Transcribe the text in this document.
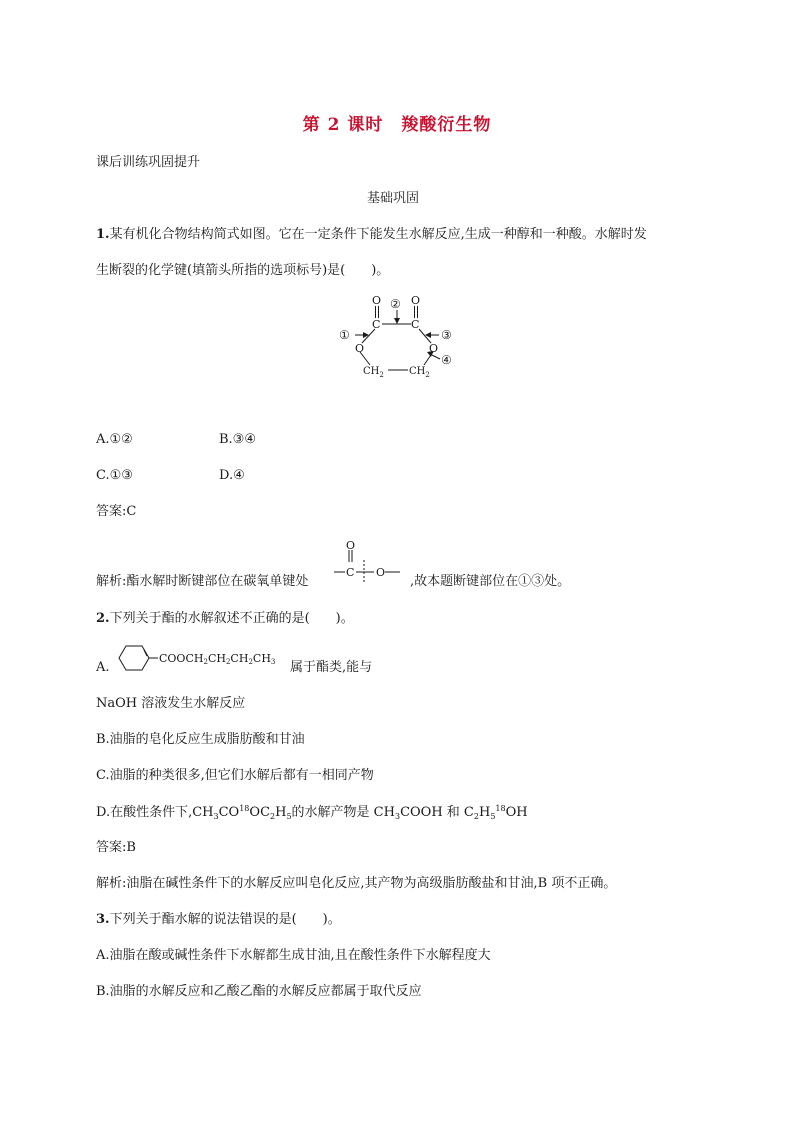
第 2 课时　羧酸衍生物
课后训练巩固提升
基础巩固
1.某有机化合物结构简式如图。它在一定条件下能发生水解反应,生成一种醇和一种酸。水解时发
生断裂的化学键(填箭头所指的选项标号)是(　　)。
O	O
C	C
O	O
$CH_2$	$CH_2$
①
②
③
④
A.①②	B.③④
C.①③	D.④
答案:C
解析:酯水解时断键部位在碳氧单键处
O
C O
,故本题断键部位在①③处。
2.下列关于酯的水解叙述不正确的是(　　)。
A.
COOCH2CH2CH2CH3 属于酯类,能与
NaOH 溶液发生水解反应
B.油脂的皂化反应生成脂肪酸和甘油
C.油脂的种类很多,但它们水解后都有一相同产物
D.在酸性条件下$,CH_3CO^{18}OC_2H_5$的水解产物是 $CH_3COOH$ 和 $C_2H_5^{18}OH$
答案:B
解析:油脂在碱性条件下的水解反应叫皂化反应,其产物为高级脂肪酸盐和甘油,B 项不正确。
3.下列关于酯水解的说法错误的是(　　)。
A.油脂在酸或碱性条件下水解都生成甘油,且在酸性条件下水解程度大
B.油脂的水解反应和乙酸乙酯的水解反应都属于取代反应
